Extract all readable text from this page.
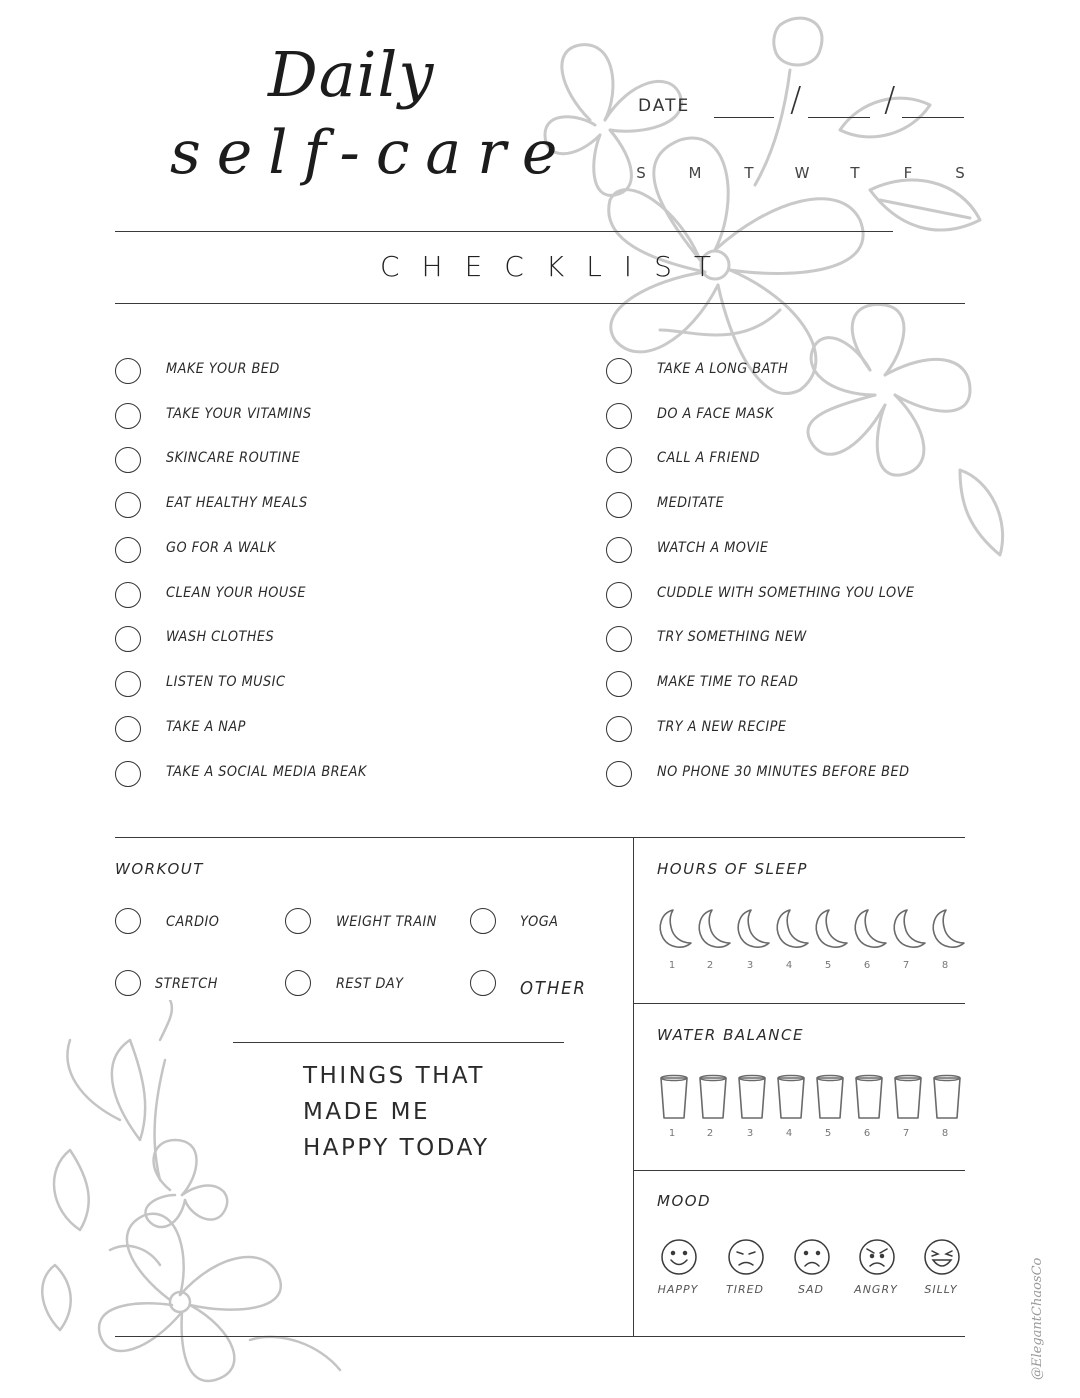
Daily
self-care
DATE	/ /
S	M	T	W	T	F	S
CHECKLIST
MAKE YOUR BED
TAKE YOUR VITAMINS
SKINCARE ROUTINE
EAT HEALTHY MEALS
GO FOR A WALK
CLEAN YOUR HOUSE
WASH CLOTHES
LISTEN TO MUSIC
TAKE A NAP
TAKE A SOCIAL MEDIA BREAK
TAKE A LONG BATH
DO A FACE MASK
CALL A FRIEND
MEDITATE
WATCH A MOVIE
CUDDLE WITH SOMETHING YOU LOVE
TRY SOMETHING NEW
MAKE TIME TO READ
TRY A NEW RECIPE
NO PHONE 30 MINUTES BEFORE BED
WORKOUT
CARDIO	WEIGHT TRAIN	YOGA
STRETCH	REST DAY	OTHER
THINGS THAT
MADE ME
HAPPY TODAY
HOURS OF SLEEP
1	2	3	4	5	6	7	8
WATER BALANCE
1	2	3	4	5	6	7	8
MOOD
HAPPY	TIRED	SAD	ANGRY	SILLY	@ElegantChaosCo
